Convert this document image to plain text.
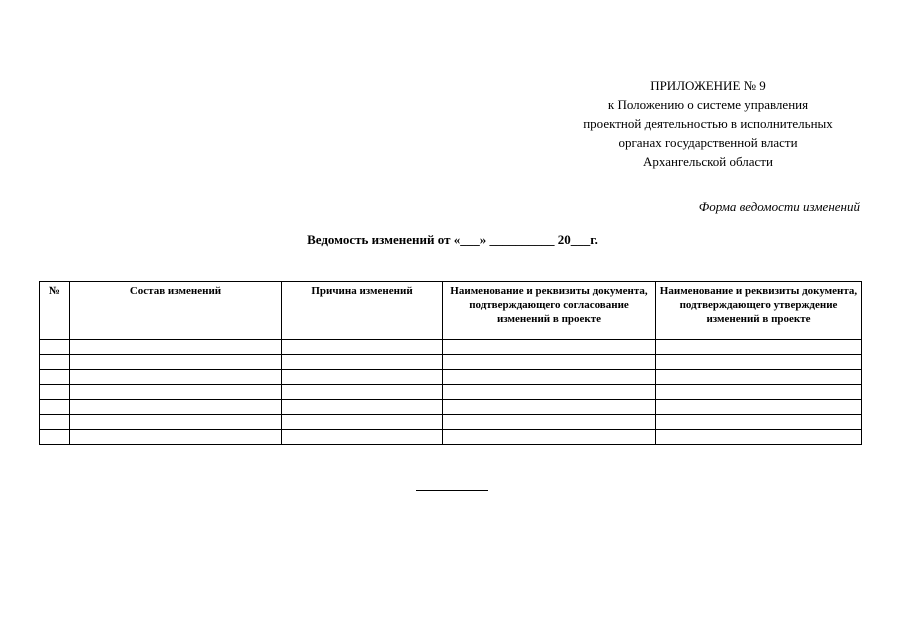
ПРИЛОЖЕНИЕ № 9
к Положению о системе управления
проектной деятельностью в исполнительных
органах государственной власти
Архангельской области
Форма ведомости изменений
Ведомость изменений от «___» __________ 20___г.
№	Состав изменений	Причина изменений	Наименование и реквизиты документа, подтверждающего согласование изменений в проекте	Наименование и реквизиты документа, подтверждающего утверждение изменений в проекте
